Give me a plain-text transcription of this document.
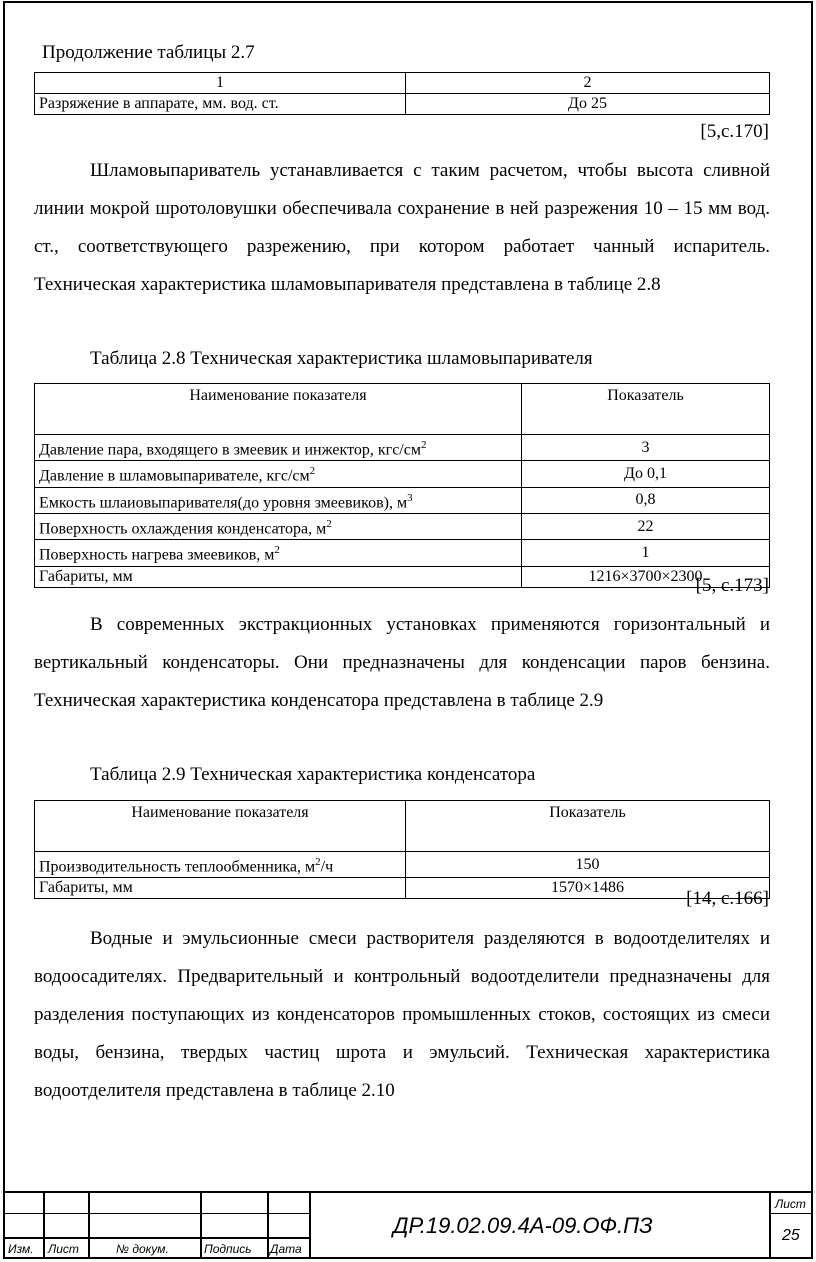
Продолжение таблицы 2.7
1	2
Разряжение в аппарате, мм. вод. ст.	До 25
[5,с.170]
Шламовыпариватель устанавливается с таким расчетом, чтобы высота сливной линии мокрой шротоловушки обеспечивала сохранение в ней разрежения 10 – 15 мм вод. ст., соответствующего разрежению, при котором работает чанный испаритель. Техническая характеристика шламовыпаривателя представлена в таблице 2.8
Таблица 2.8 Техническая характеристика шламовыпаривателя
Наименование показателя	Показатель
Давление пара, входящего в змеевик и инжектор, кгс/$см^2$	3
Давление в шламовыпаривателе, кгс/$см^2$	До 0,1
Емкость шлаиовыпаривателя(до уровня змеевиков), $м^3$	0,8
Поверхность охлаждения конденсатора, $м^2$	22
Поверхность нагрева змеевиков, $м^2$	1
Габариты, мм	1216×3700×2300
[5, с.173]
В современных экстракционных установках применяются горизонтальный и вертикальный конденсаторы. Они предназначены для конденсации паров бензина. Техническая характеристика конденсатора представлена в таблице 2.9
Таблица 2.9 Техническая характеристика конденсатора
Наименование показателя	Показатель
Производительность теплообменника, $м^2/ч$	150
Габариты, мм	1570×1486
[14, с.166]
Водные и эмульсионные смеси растворителя разделяются в водоотделителях и водоосадителях. Предварительный и контрольный водоотделители предназначены для разделения поступающих из конденсаторов промышленных стоков, состоящих из смеси воды, бензина, твердых частиц шрота и эмульсий. Техническая характеристика водоотделителя представлена в таблице 2.10
Изм. Лист	№ докум.	Подпись Дата
ДР.19.02.09.4А-09.ОФ.ПЗ
Лист
25
